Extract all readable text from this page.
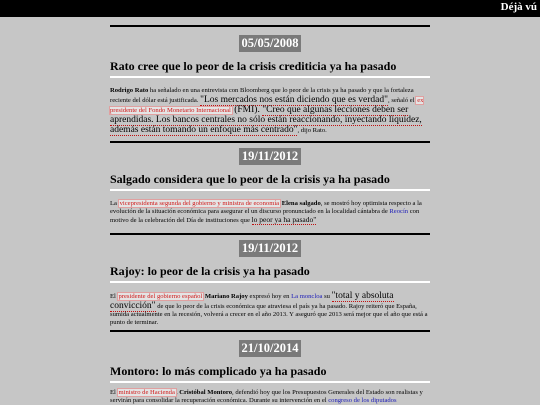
Déjà vú
05/05/2008
Rato cree que lo peor de la crisis crediticia ya ha pasado
Rodrigo Rato ha señalado en una entrevista con Bloomberg que lo peor de la crisis ya ha pasado y que la fortaleza reciente del dólar está justificada. "Los mercados nos están diciendo que es verdad", señaló el ex presidente del Fondo Monetario Internacional (FMI). "Creo que algunas lecciones deben ser aprendidas. Los bancos centrales no sólo están reaccionando, inyectando liquidez, además están tomando un enfoque más centrado", dijo Rato.
19/11/2012
Salgado considera que lo peor de la crisis ya ha pasado
La vicepresidenta segunda del gobierno y ministra de economía Elena salgado, se mostró hoy optimista respecto a la evolución de la situación económica para asegurar el un discurso pronunciado en la localidad cántabra de Reocín con motivo de la celebración del Día de instituciones que lo peor ya ha pasado"
19/11/2012
Rajoy: lo peor de la crisis ya ha pasado
El presidente del gobierno español Mariano Rajoy expresó hoy en La moncloa su "total y absoluta convicción" de que lo peor de la crisis económica que atraviesa el país ya ha pasado. Rajoy reiteró que España, sumida actualmente en la recesión, volverá a crecer en el año 2013. Y aseguró que 2013 será mejor que el año que está a punto de terminar.
21/10/2014
Montoro: lo más complicado ya ha pasado
El ministro de Hacienda, Cristóbal Montoro, defendió hoy que los Presupuestos Generales del Estado son realistas y servirán para consolidar la recuperación económica. Durante su intervención en el congreso de los diputados
